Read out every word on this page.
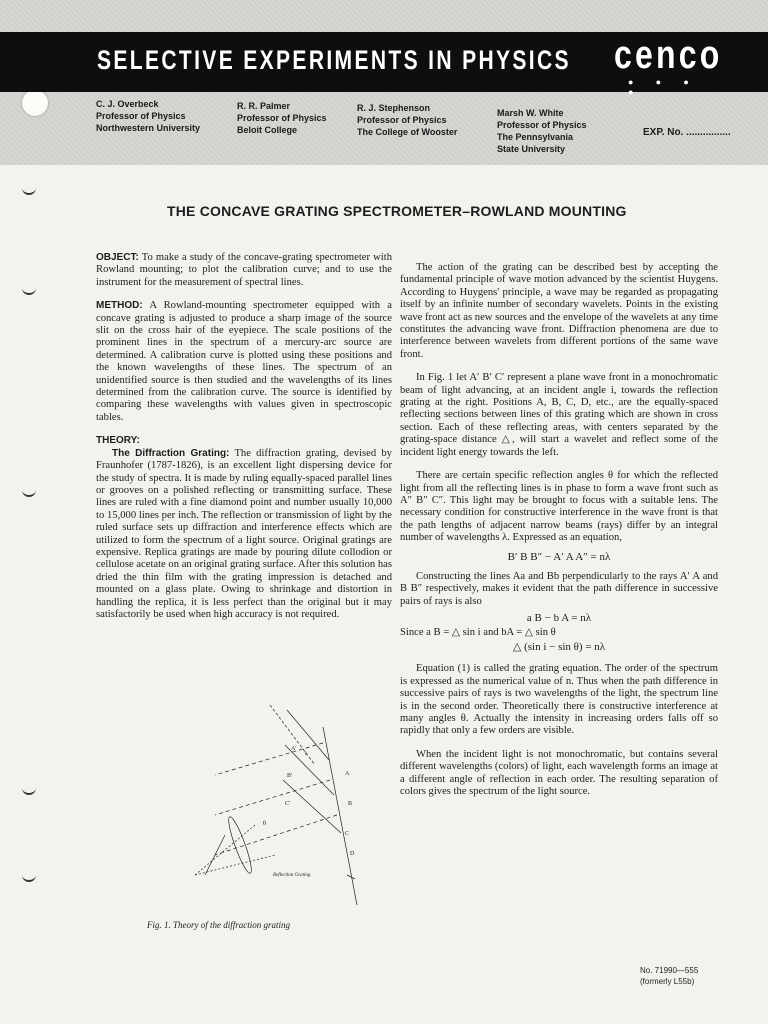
SELECTIVE EXPERIMENTS IN PHYSICS cenco
● ● ● ●
C. J. Overbeck
Professor of Physics
Northwestern University
R. R. Palmer
Professor of Physics
Beloit College
R. J. Stephenson
Professor of Physics
The College of Wooster
Marsh W. White
Professor of Physics
The Pennsylvania
State University
EXP. No. ................
THE CONCAVE GRATING SPECTROMETER–ROWLAND MOUNTING

OBJECT: To make a study of the concave-grating spectrometer with Rowland mounting; to plot the calibration curve; and to use the instrument for the measurement of spectral lines.

METHOD: A Rowland-mounting spectrometer equipped with a concave grating is adjusted to produce a sharp image of the source slit on the cross hair of the eyepiece. The scale positions of the prominent lines in the spectrum of a mercury-arc source are determined. A calibration curve is plotted using these positions and the known wavelengths of these lines. The spectrum of an unidentified source is then studied and the wavelengths of its lines determined from the calibration curve. The source is identified by comparing these wavelengths with values given in spectroscopic tables.

THEORY:

The Diffraction Grating: The diffraction grating, devised by Fraunhofer (1787-1826), is an excellent light dispersing device for the study of spectra. It is made by ruling equally-spaced parallel lines or grooves on a polished reflecting or transmitting surface. These lines are ruled with a fine diamond point and number usually 10,000 to 15,000 lines per inch. The reflection or transmission of light by the ruled surface sets up diffraction and interference effects which are utilized to form the spectrum of a light source. Original gratings are expensive. Replica gratings are made by pouring dilute collodion or cellulose acetate on an original grating surface. After this solution has dried the thin film with the grating impression is detached and mounted on a glass plate. Owing to shrinkage and distortion in handling the replica, it is less perfect than the original but it may satisfactorily be used when high accuracy is not required.

A
B
C
D
A'
B'
C'
i
θ
Reflection Grating
Fig. 1. Theory of the diffraction grating

The action of the grating can be described best by accepting the fundamental principle of wave motion advanced by the scientist Huygens. According to Huygens' principle, a wave may be regarded as propagating itself by an infinite number of secondary wavelets. Points in the existing wave front act as new sources and the envelope of the wavelets at any time constitutes the advancing wave front. Diffraction phenomena are due to interference between wavelets from different portions of the same wave front.

In Fig. 1 let A′ B′ C′ represent a plane wave front in a monochromatic beam of light advancing, at an incident angle i, towards the reflection grating at the right. Positions A, B, C, D, etc., are the equally-spaced reflecting sections between lines of this grating which are shown in cross section. Each of these reflecting areas, with centers separated by the grating-space distance △, will start a wavelet and reflect some of the incident light energy towards the left.

There are certain specific reflection angles θ for which the reflected light from all the reflecting lines is in phase to form a wave front such as A″ B″ C″. This light may be brought to focus with a suitable lens. The necessary condition for constructive interference in the wave front is that the path lengths of adjacent narrow beams (rays) differ by an integral number of wavelengths λ. Expressed as an equation,

B′ B B″ − A′ A A″ = nλ

Constructing the lines Aa and Bb perpendicularly to the rays A′ A and B B″ respectively, makes it evident that the path difference in successive pairs of rays is also

a B − b A = nλ
Since a B = △ sin i and bA = △ sin θ
△ (sin i − sin θ) = nλ

Equation (1) is called the grating equation. The order of the spectrum is expressed as the numerical value of n. Thus when the path difference in successive pairs of rays is two wavelengths of the light, the spectrum line is in the second order. Theoretically there is constructive interference at many angles θ. Actually the intensity in increasing orders falls off so rapidly that only a few orders are visible.

When the incident light is not monochromatic, but contains several different wavelengths (colors) of light, each wavelength forms an image at a different angle of reflection in each order. The resulting separation of colors gives the spectrum of the light source.

No. 71990—555
(formerly L55b)
